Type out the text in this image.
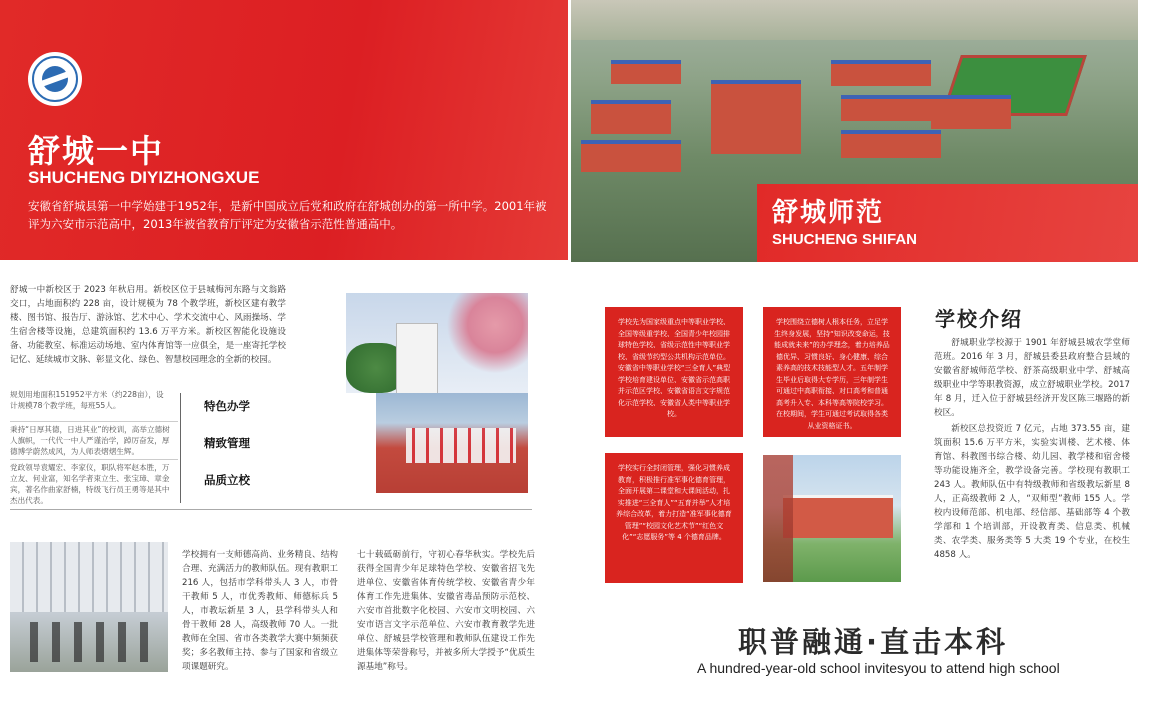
舒城一中
SHUCHENG DIYIZHONGXUE
安徽省舒城县第一中学始建于1952年，是新中国成立后党和政府在舒城创办的第一所中学。2001年被评为六安市示范高中，2013年被省教育厅评定为安徽省示范性普通高中。	舒城师范
SHUCHENG SHIFAN
舒城一中新校区于 2023 年秋启用。新校区位于县城梅河东路与文翁路交口，占地面积约 228 亩，设计规模为 78 个教学班，新校区建有教学楼、图书馆、报告厅、游泳馆、艺术中心、学术交流中心、风雨操场、学生宿舍楼等设施，总建筑面积约 13.6 万平方米。新校区智能化设施设备、功能教室、标准运动场地、室内体育馆等一应俱全，是一座寄托学校记忆、延续城市文脉、彰显文化、绿色、智慧校园理念的全新的校园。
规划用地面积151952平方米（约228亩），设计规模78个教学班，每班55人。
秉持“日厚其德，日进其业”的校训，高举立德树人旗帜，一代代一中人严谨治学，踔厉奋发，厚德博学蔚然成风，为人师表熠熠生辉。
党政领导袁耀宏、李家仪，职队将军赵本胜，万立友、何业富，知名学者束立生、张宝璋、章金宾，著名作曲家舒楠，特级飞行员王勇等是其中杰出代表。
特色办学
精致管理
品质立校
学校拥有一支师德高尚、业务精良、结构合理、充满活力的教师队伍。现有教职工 216 人，包括市学科带头人 3 人，市骨干教师 5 人，市优秀教师、师德标兵 5 人，市教坛新星 3 人，县学科带头人和骨干教师 28 人，高级教师 70 人。一批教师在全国、省市各类教学大赛中频频获奖；多名教师主持、参与了国家和省级立项课题研究。
七十载砥砺前行，守初心春华秋实。学校先后获得全国青少年足球特色学校、安徽省招飞先进单位、安徽省体育传统学校、安徽省青少年体育工作先进集体、安徽省毒品预防示范校、六安市首批数字化校园、六安市文明校园、六安市语言文字示范单位、六安市教育教学先进单位、舒城县学校管理和教师队伍建设工作先进集体等荣誉称号，并被多所大学授予“优质生源基地”称号。
学校先为国家级重点中等职业学校、全国等级重学校、全国青少年校园排球特色学校、省级示范性中等职业学校、省级节约型公共机构示范单位。安徽省中等职业学校“三全育人”典型学校培育建设单位、安徽省示范高职并示范区学校、安徽省语言文字规范化示范学校、安徽省人类中等职业学校。
学校围绕立德树人根本任务，立足学生终身发展，坚持“知识改变命运，技能成就未来”的办学理念，着力培养品德优异、习惯良好、身心健康、综合素养高的技术技能型人才。五年制学生毕业后取得大专学历，三年制学生可通过中高职衔接、对口高考和普通高考升入专、本科等高等院校学习。在校期间，学生可通过考试取得各类从业资格证书。
学校实行全封闭管理，强化习惯养成教育，积极推行准军事化德育管理，全面开展第二课堂和大课间活动，扎实推进“三全育人”“五育并举”人才培养综合改革，着力打造“准军事化德育管理”“校园文化艺术节”“红色文化”“志愿服务”等 4 个德育品牌。
学校介绍
舒城职业学校源于 1901 年舒城县城农学堂师范班。2016 年 3 月，舒城县委县政府整合县域的安徽省舒城师范学校、舒茶高级职业中学、舒城高级职业中学等职教资源，成立舒城职业学校。2017 年 8 月，迁入位于舒城县经济开发区陈三堰路的新校区。
新校区总投资近 7 亿元，占地 373.55 亩，建筑面积 15.6 万平方米，实验实训楼、艺术楼、体育馆、科教图书综合楼、幼儿园、教学楼和宿舍楼等功能设施齐全，教学设备完善。学校现有教职工 243 人。教师队伍中有特级教师和省级教坛新星 8 人，正高级教师 2 人，“双师型”教师 155 人。学校内设师范部、机电部、经信部、基础部等 4 个教学部和 1 个培训部，开设教育类、信息类、机械类、农学类、服务类等 5 大类 19 个专业，在校生 4858 人。
职普融通·直击本科
A hundred-year-old school invitesyou to attend high school
